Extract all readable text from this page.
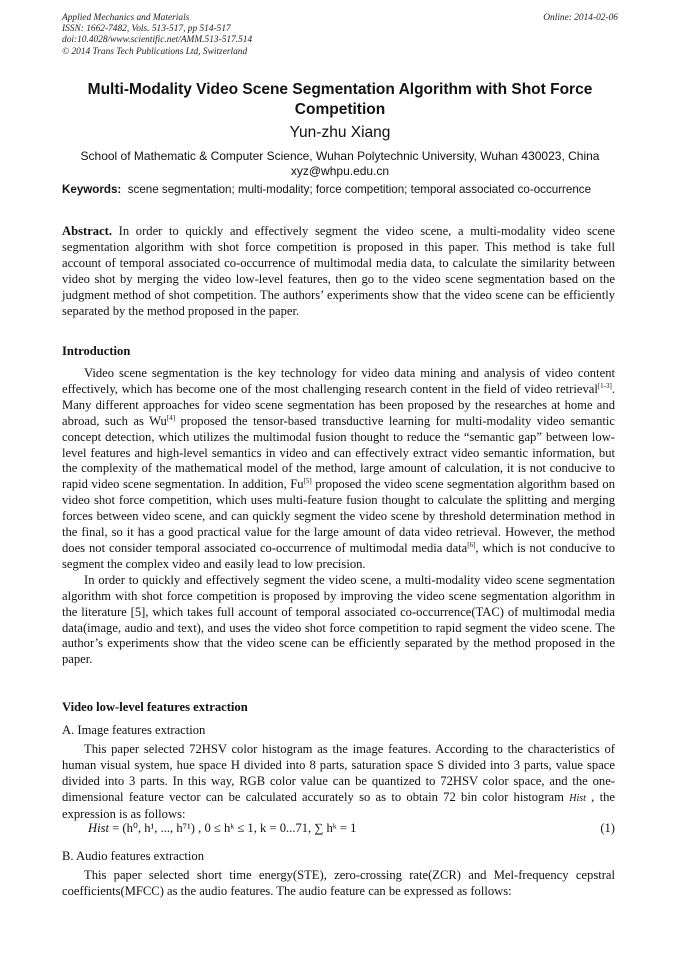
Applied Mechanics and Materials
ISSN: 1662-7482, Vols. 513-517, pp 514-517
doi:10.4028/www.scientific.net/AMM.513-517.514
© 2014 Trans Tech Publications Ltd, Switzerland
Online: 2014-02-06
Multi-Modality Video Scene Segmentation Algorithm with Shot Force Competition
Yun-zhu Xiang
School of Mathematic & Computer Science, Wuhan Polytechnic University, Wuhan 430023, China
xyz@whpu.edu.cn
Keywords: scene segmentation; multi-modality; force competition; temporal associated co-occurrence
Abstract. In order to quickly and effectively segment the video scene, a multi-modality video scene segmentation algorithm with shot force competition is proposed in this paper. This method is take full account of temporal associated co-occurrence of multimodal media data, to calculate the similarity between video shot by merging the video low-level features, then go to the video scene segmentation based on the judgment method of shot competition. The authors’ experiments show that the video scene can be efficiently separated by the method proposed in the paper.
Introduction

Video scene segmentation is the key technology for video data mining and analysis of video content effectively, which has become one of the most challenging research content in the field of video retrieval[1-3]. Many different approaches for video scene segmentation has been proposed by the researches at home and abroad, such as Wu[4] proposed the tensor-based transductive learning for multi-modality video semantic concept detection, which utilizes the multimodal fusion thought to reduce the “semantic gap” between low-level features and high-level semantics in video and can effectively extract video semantic information, but the complexity of the mathematical model of the method, large amount of calculation, it is not conducive to rapid video scene segmentation. In addition, Fu[5] proposed the video scene segmentation algorithm based on video shot force competition, which uses multi-feature fusion thought to calculate the splitting and merging forces between video scene, and can quickly segment the video scene by threshold determination method in the final, so it has a good practical value for the large amount of data video retrieval. However, the method does not consider temporal associated co-occurrence of multimodal media data[6], which is not conducive to segment the complex video and easily lead to low precision.

In order to quickly and effectively segment the video scene, a multi-modality video scene segmentation algorithm with shot force competition is proposed by improving the video scene segmentation algorithm in the literature [5], which takes full account of temporal associated co-occurrence(TAC) of multimodal media data(image, audio and text), and uses the video shot force competition to rapid segment the video scene. The author’s experiments show that the video scene can be efficiently separated by the method proposed in the paper.

Video low-level features extraction
A. Image features extraction

This paper selected 72HSV color histogram as the image features. According to the characteristics of human visual system, hue space H divided into 8 parts, saturation space S divided into 3 parts, value space divided into 3 parts. In this way, RGB color value can be quantized to 72HSV color space, and the one-dimensional feature vector can be calculated accurately so as to obtain 72 bin color histogram Hist , the expression is as follows:

Hist = (h⁰, h¹, ..., h⁷¹) , 0 ≤ hᵏ ≤ 1, k = 0...71, ∑ hᵏ = 1	(1)
B. Audio features extraction

This paper selected short time energy(STE), zero-crossing rate(ZCR) and Mel-frequency cepstral coefficients(MFCC) as the audio features. The audio feature can be expressed as follows:
